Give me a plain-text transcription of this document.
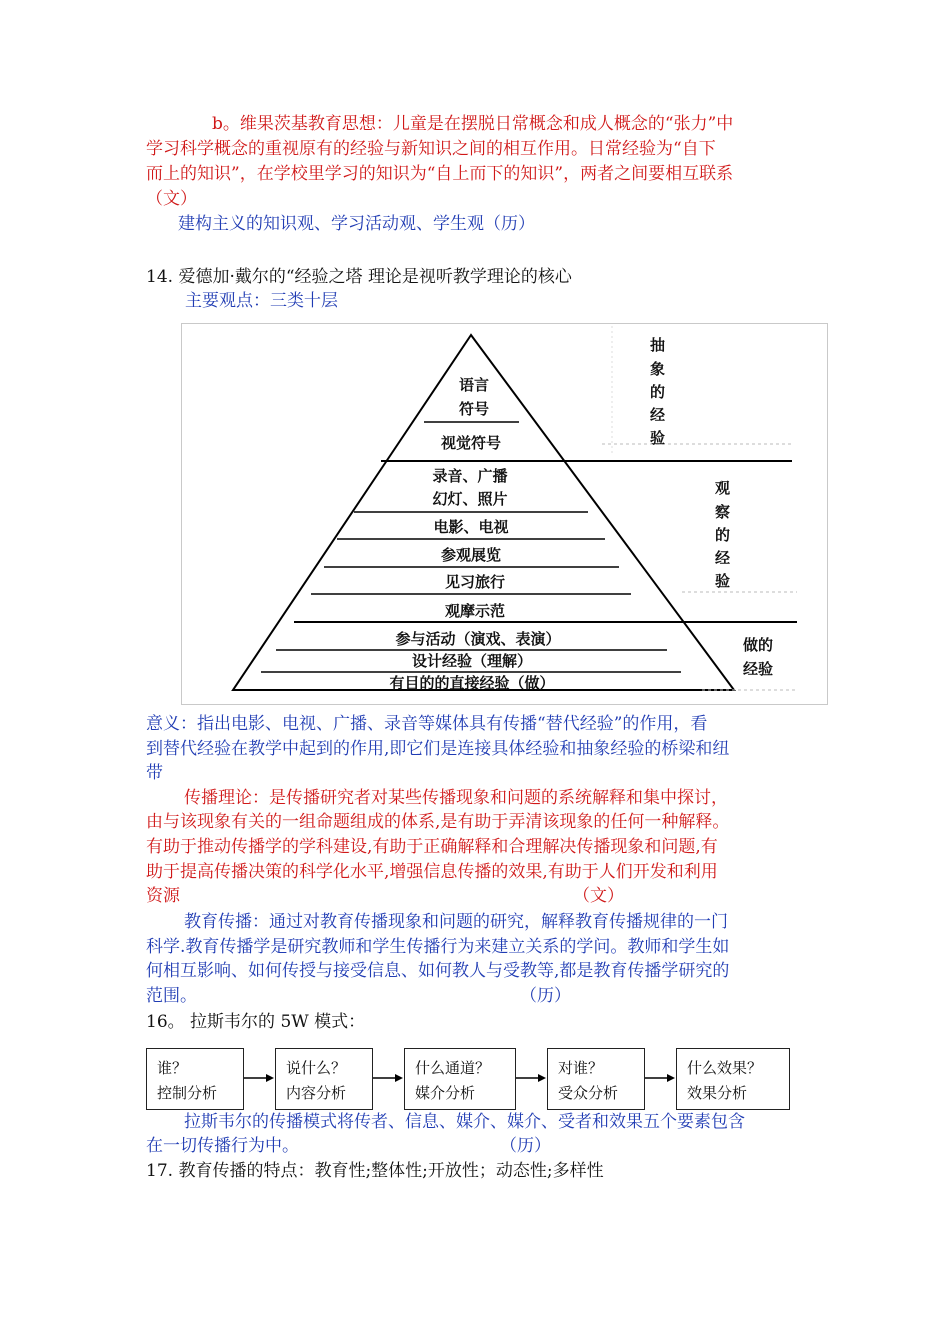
b。维果茨基教育思想：儿童是在摆脱日常概念和成人概念的“张力”中
学习科学概念的重视原有的经验与新知识之间的相互作用。日常经验为“自下
而上的知识”，在学校里学习的知识为“自上而下的知识”，两者之间要相互联系
（文）
建构主义的知识观、学习活动观、学生观（历）
14. 爱德加·戴尔的“经验之塔 理论是视听教学理论的核心
主要观点：三类十层
语言
符号
视觉符号
录音、广播
幻灯、照片
电影、电视
参观展览
见习旅行
观摩示范
参与活动（演戏、表演）
设计经验（理解）
有目的的直接经验（做）
抽
象
的
经
验
观
察
的
经
验
做的
经验
意义：指出电影、电视、广播、录音等媒体具有传播“替代经验”的作用，看
到替代经验在教学中起到的作用,即它们是连接具体经验和抽象经验的桥梁和纽
带
传播理论：是传播研究者对某些传播现象和问题的系统解释和集中探讨，
由与该现象有关的一组命题组成的体系,是有助于弄清该现象的任何一种解释。
有助于推动传播学的学科建设,有助于正确解释和合理解决传播现象和问题,有
助于提高传播决策的科学化水平,增强信息传播的效果,有助于人们开发和利用
资源	（文）
教育传播：通过对教育传播现象和问题的研究，解释教育传播规律的一门
科学.教育传播学是研究教师和学生传播行为来建立关系的学问。教师和学生如
何相互影响、如何传授与接受信息、如何教人与受教等,都是教育传播学研究的
范围。	（历）
16。 拉斯韦尔的 5W 模式：
谁？
控制分析
说什么？
内容分析
什么通道？
媒介分析
对谁？
受众分析
什么效果？
效果分析
拉斯韦尔的传播模式将传者、信息、媒介、媒介、受者和效果五个要素包含
在一切传播行为中。	（历）
17. 教育传播的特点：教育性;整体性;开放性；动态性;多样性
